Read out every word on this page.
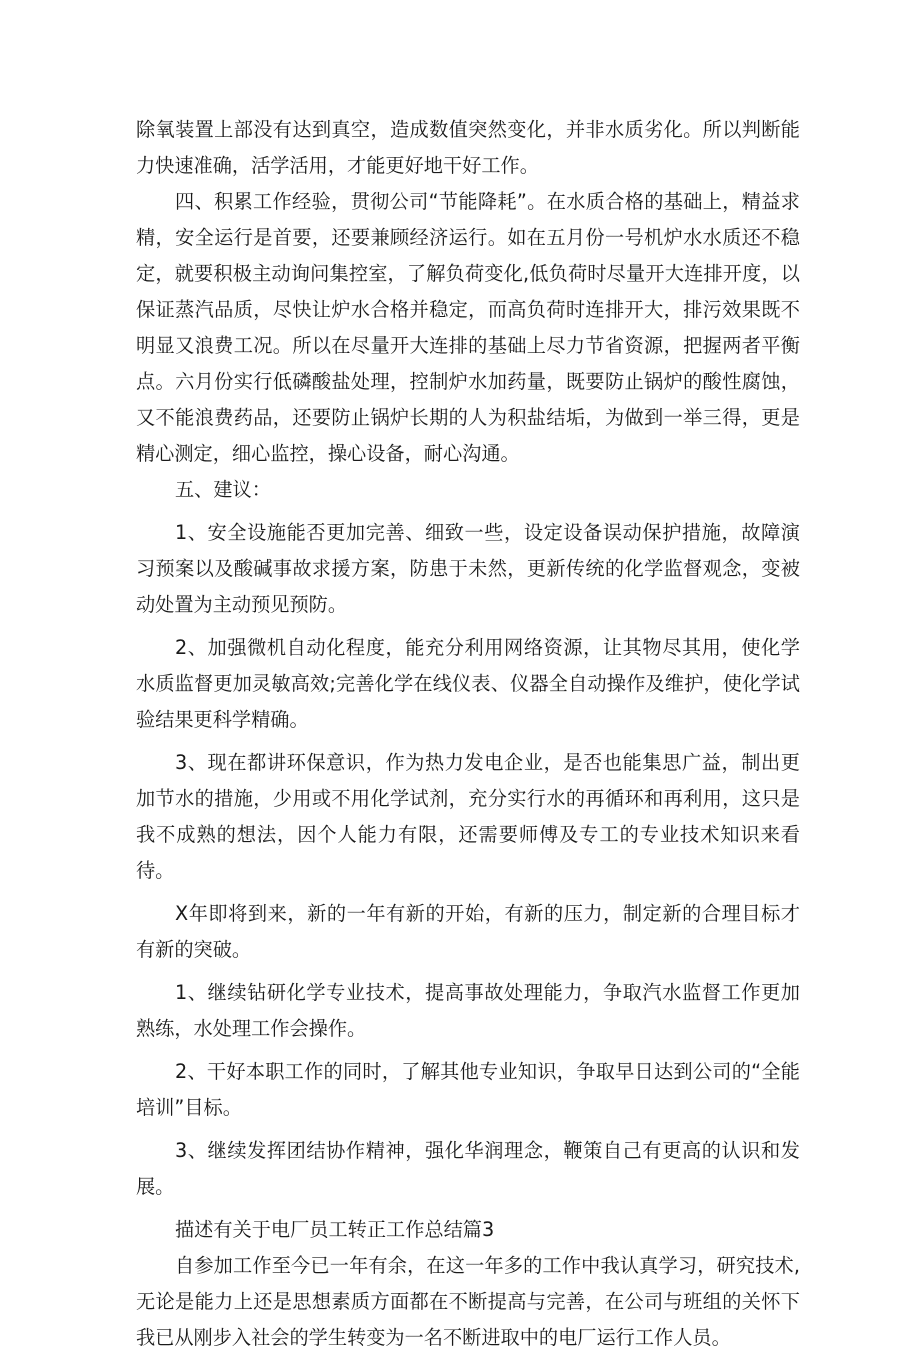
除氧装置上部没有达到真空，造成数值突然变化，并非水质劣化。所以判断能力快速准确，活学活用，才能更好地干好工作。

四、积累工作经验，贯彻公司“节能降耗”。在水质合格的基础上，精益求精，安全运行是首要，还要兼顾经济运行。如在五月份一号机炉水水质还不稳定，就要积极主动询问集控室，了解负荷变化,低负荷时尽量开大连排开度，以保证蒸汽品质，尽快让炉水合格并稳定，而高负荷时连排开大，排污效果既不明显又浪费工况。所以在尽量开大连排的基础上尽力节省资源，把握两者平衡点。六月份实行低磷酸盐处理，控制炉水加药量，既要防止锅炉的酸性腐蚀，又不能浪费药品，还要防止锅炉长期的人为积盐结垢，为做到一举三得，更是精心测定，细心监控，操心设备，耐心沟通。

五、建议：

1、安全设施能否更加完善、细致一些，设定设备误动保护措施，故障演习预案以及酸碱事故求援方案，防患于未然，更新传统的化学监督观念，变被动处置为主动预见预防。

2、加强微机自动化程度，能充分利用网络资源，让其物尽其用，使化学水质监督更加灵敏高效;完善化学在线仪表、仪器全自动操作及维护，使化学试验结果更科学精确。

3、现在都讲环保意识，作为热力发电企业，是否也能集思广益，制出更加节水的措施，少用或不用化学试剂，充分实行水的再循环和再利用，这只是我不成熟的想法，因个人能力有限，还需要师傅及专工的专业技术知识来看待。

X年即将到来，新的一年有新的开始，有新的压力，制定新的合理目标才有新的突破。

1、继续钻研化学专业技术，提高事故处理能力，争取汽水监督工作更加熟练，水处理工作会操作。

2、干好本职工作的同时，了解其他专业知识，争取早日达到公司的“全能培训”目标。

3、继续发挥团结协作精神，强化华润理念，鞭策自己有更高的认识和发展。

描述有关于电厂员工转正工作总结篇3

自参加工作至今已一年有余，在这一年多的工作中我认真学习，研究技术,无论是能力上还是思想素质方面都在不断提高与完善，在公司与班组的关怀下我已从刚步入社会的学生转变为一名不断进取中的电厂运行工作人员。
